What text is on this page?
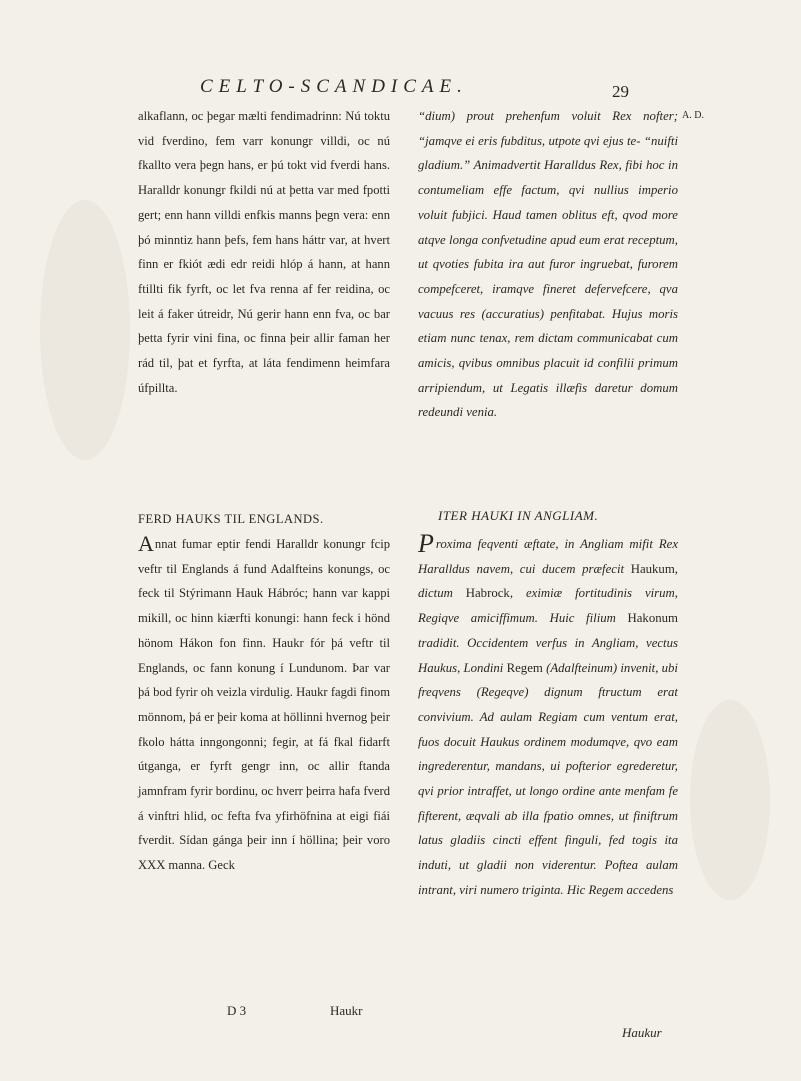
CELTO-SCANDICAE.	29
A. D.
alkaflann, oc þegar mælti fendimadrinn: Nú toktu vid fverdino, fem varr konungr villdi, oc nú fkallto vera þegn hans, er þú tokt vid fverdi hans. Haralldr konungr fkildi nú at þetta var med fpotti gert; enn hann villdi enfkis manns þegn vera: enn þó minntiz hann þefs, fem hans háttr var, at hvert finn er fkiót ædi edr reidi hlóp á hann, at hann ftillti fik fyrft, oc let fva renna af fer reidina, oc leit á faker útreidr, Nú gerir hann enn fva, oc bar þetta fyrir vini fina, oc finna þeir allir faman her rád til, þat et fyrfta, at láta fendimenn heimfara úfpillta.
“dium) prout prehenfum voluit Rex nofter; “jamqve ei eris fubditus, utpote qvi ejus te- “nuifti gladium.” Animadvertit Haralldus Rex, fibi hoc in contumeliam effe factum, qvi nullius imperio voluit fubjici. Haud tamen oblitus eft, qvod more atqve longa confvetudine apud eum erat receptum, ut qvoties fubita ira aut furor ingruebat, furorem compefceret, iramqve fineret defervefcere, qva vacuus res (accuratius) penfitabat. Hujus moris etiam nunc tenax, rem dictam communicabat cum amicis, qvibus omnibus placuit id confilii primum arripiendum, ut Legatis illæfis daretur domum redeundi venia.
FERD HAUKS TIL ENGLANDS.	ITER HAUKI IN ANGLIAM.
Annat fumar eptir fendi Haralldr konungr fcip veftr til Englands á fund Adalfteins konungs, oc feck til Stýrimann Hauk Hábróc; hann var kappi mikill, oc hinn kiærfti konungi: hann feck i hönd hönom Hákon fon finn. Haukr fór þá veftr til Englands, oc fann konung í Lundunom. Þar var þá bod fyrir oh veizla virdulig. Haukr fagdi finom mönnom, þá er þeir koma at höllinni hvernog þeir fkolo hátta inngongonni; fegir, at fá fkal fidarft útganga, er fyrft gengr inn, oc allir ftanda jamnfram fyrir bordinu, oc hverr þeirra hafa fverd á vinftri hlid, oc fefta fva yfirhöfnina at eigi fiái fverdit. Sídan gánga þeir inn í höllina; þeir voro XXX manna. Geck
Proxima feqventi æftate, in Angliam mifit Rex Haralldus navem, cui ducem præfecit Haukum, dictum Habrock, eximiæ fortitudinis virum, Regiqve amiciffimum. Huic filium Hakonum tradidit. Occidentem verfus in Angliam, vectus Haukus, Londini Regem (Adalfteinum) invenit, ubi freqvens (Regeqve) dignum ftructum erat convivium. Ad aulam Regiam cum ventum erat, fuos docuit Haukus ordinem modumqve, qvo eam ingrederentur, mandans, ui pofterior egrederetur, qvi prior intraffet, ut longo ordine ante menfam fe fifterent, æqvali ab illa fpatio omnes, ut finiftrum latus gladiis cincti effent finguli, fed togis ita induti, ut gladii non viderentur. Poftea aulam intrant, viri numero triginta. Hic Regem accedens
D 3	Haukr
Haukur
